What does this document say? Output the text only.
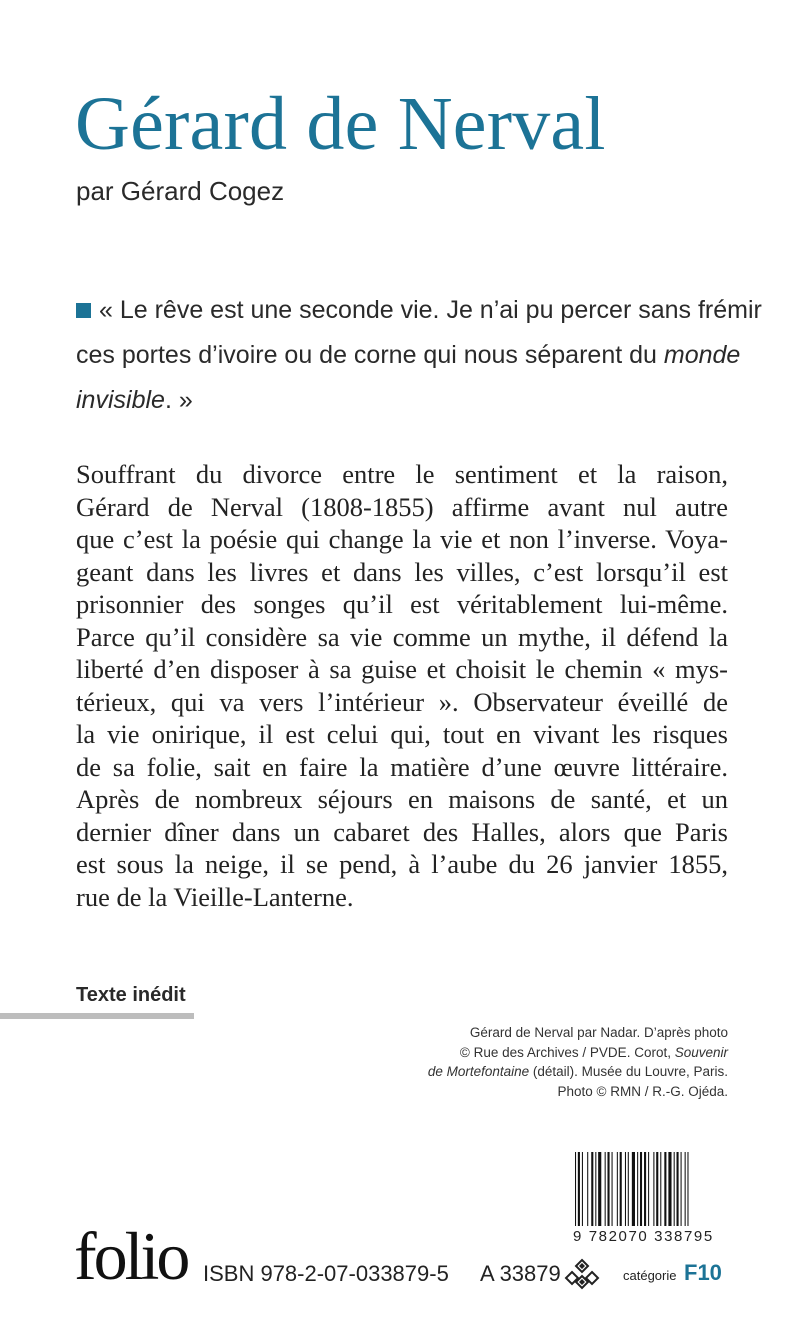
Gérard de Nerval
par Gérard Cogez
« Le rêve est une seconde vie. Je n’ai pu percer sans frémir
ces portes d’ivoire ou de corne qui nous séparent du monde
invisible. »
Souffrant du divorce entre le sentiment et la raison,
Gérard de Nerval (1808-1855) affirme avant nul autre
que c’est la poésie qui change la vie et non l’inverse. Voya-
geant dans les livres et dans les villes, c’est lorsqu’il est
prisonnier des songes qu’il est véritablement lui-même.
Parce qu’il considère sa vie comme un mythe, il défend la
liberté d’en disposer à sa guise et choisit le chemin « mys-
térieux, qui va vers l’intérieur ». Observateur éveillé de
la vie onirique, il est celui qui, tout en vivant les risques
de sa folie, sait en faire la matière d’une œuvre littéraire.
Après de nombreux séjours en maisons de santé, et un
dernier dîner dans un cabaret des Halles, alors que Paris
est sous la neige, il se pend, à l’aube du 26 janvier 1855,
rue de la Vieille-Lanterne.
Texte inédit
Gérard de Nerval par Nadar. D’après photo
© Rue des Archives / PVDE. Corot, Souvenir
de Mortefontaine (détail). Musée du Louvre, Paris.
Photo © RMN / R.-G. Ojéda.
9 782070 338795
folio ISBN 978-2-07-033879-5 A 33879	catégorie F10
